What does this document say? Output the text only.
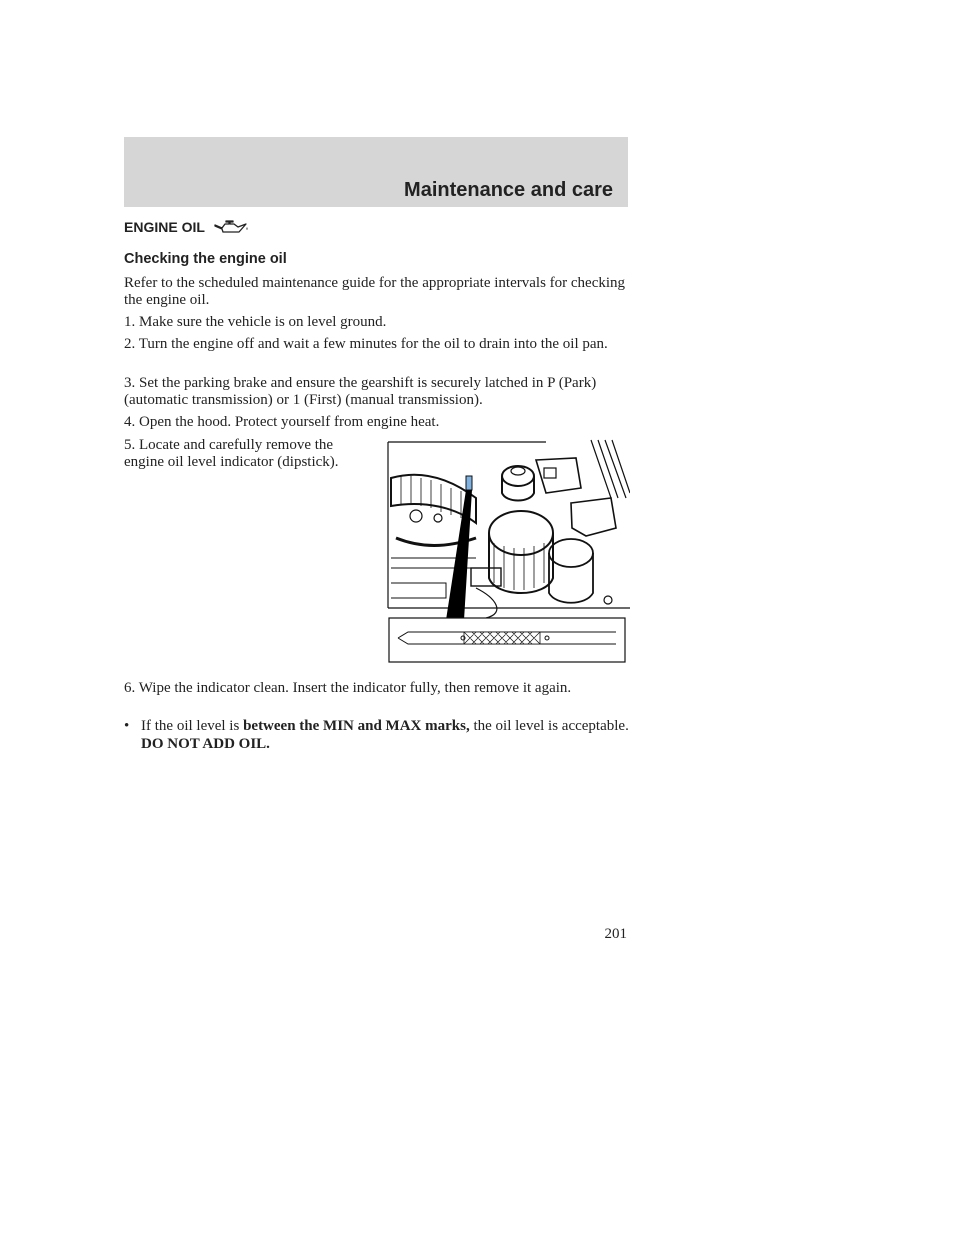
Maintenance and care
ENGINE OIL
Checking the engine oil

Refer to the scheduled maintenance guide for the appropriate intervals for checking the engine oil.

1. Make sure the vehicle is on level ground.

2. Turn the engine off and wait a few minutes for the oil to drain into the oil pan.

3. Set the parking brake and ensure the gearshift is securely latched in P (Park) (automatic transmission) or 1 (First) (manual transmission).

4. Open the hood. Protect yourself from engine heat.

5. Locate and carefully remove the engine oil level indicator (dipstick).

6. Wipe the indicator clean. Insert the indicator fully, then remove it again.

• If the oil level is between the MIN and MAX marks, the oil level is acceptable. DO NOT ADD OIL.

201
